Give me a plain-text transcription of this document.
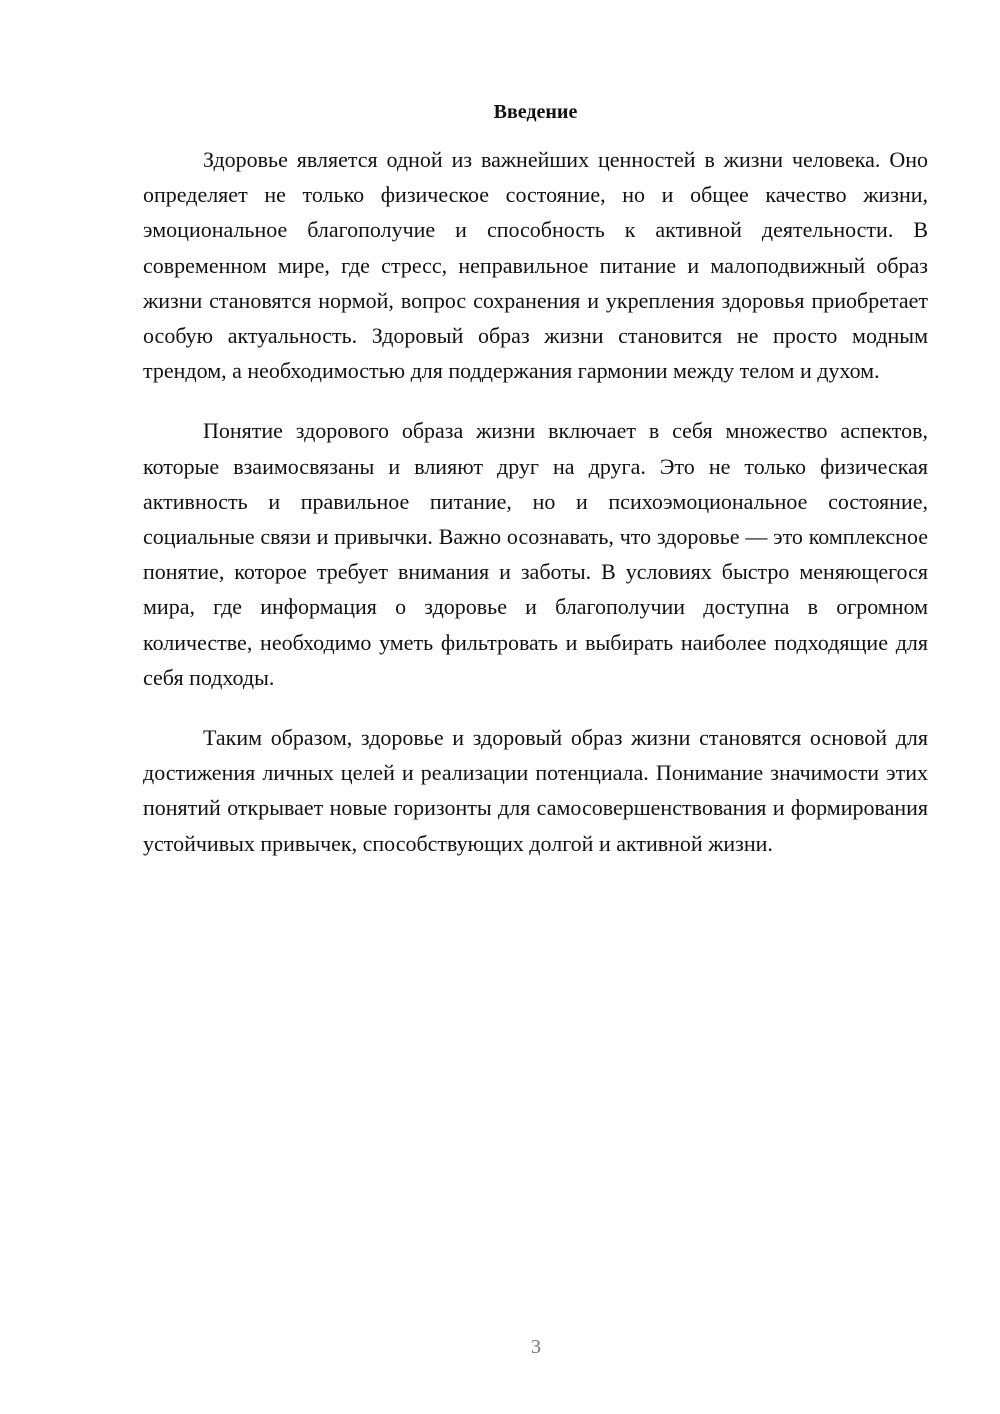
Введение

Здоровье является одной из важнейших ценностей в жизни человека. Оно определяет не только физическое состояние, но и общее качество жизни, эмоциональное благополучие и способность к активной деятельности. В современном мире, где стресс, неправильное питание и малоподвижный образ жизни становятся нормой, вопрос сохранения и укрепления здоровья приобретает особую актуальность. Здоровый образ жизни становится не просто модным трендом, а необходимостью для поддержания гармонии между телом и духом.

Понятие здорового образа жизни включает в себя множество аспектов, которые взаимосвязаны и влияют друг на друга. Это не только физическая активность и правильное питание, но и психоэмоциональное состояние, социальные связи и привычки. Важно осознавать, что здоровье — это комплексное понятие, которое требует внимания и заботы. В условиях быстро меняющегося мира, где информация о здоровье и благополучии доступна в огромном количестве, необходимо уметь фильтровать и выбирать наиболее подходящие для себя подходы.

Таким образом, здоровье и здоровый образ жизни становятся основой для достижения личных целей и реализации потенциала. Понимание значимости этих понятий открывает новые горизонты для самосовершенствования и формирования устойчивых привычек, способствующих долгой и активной жизни.

3
